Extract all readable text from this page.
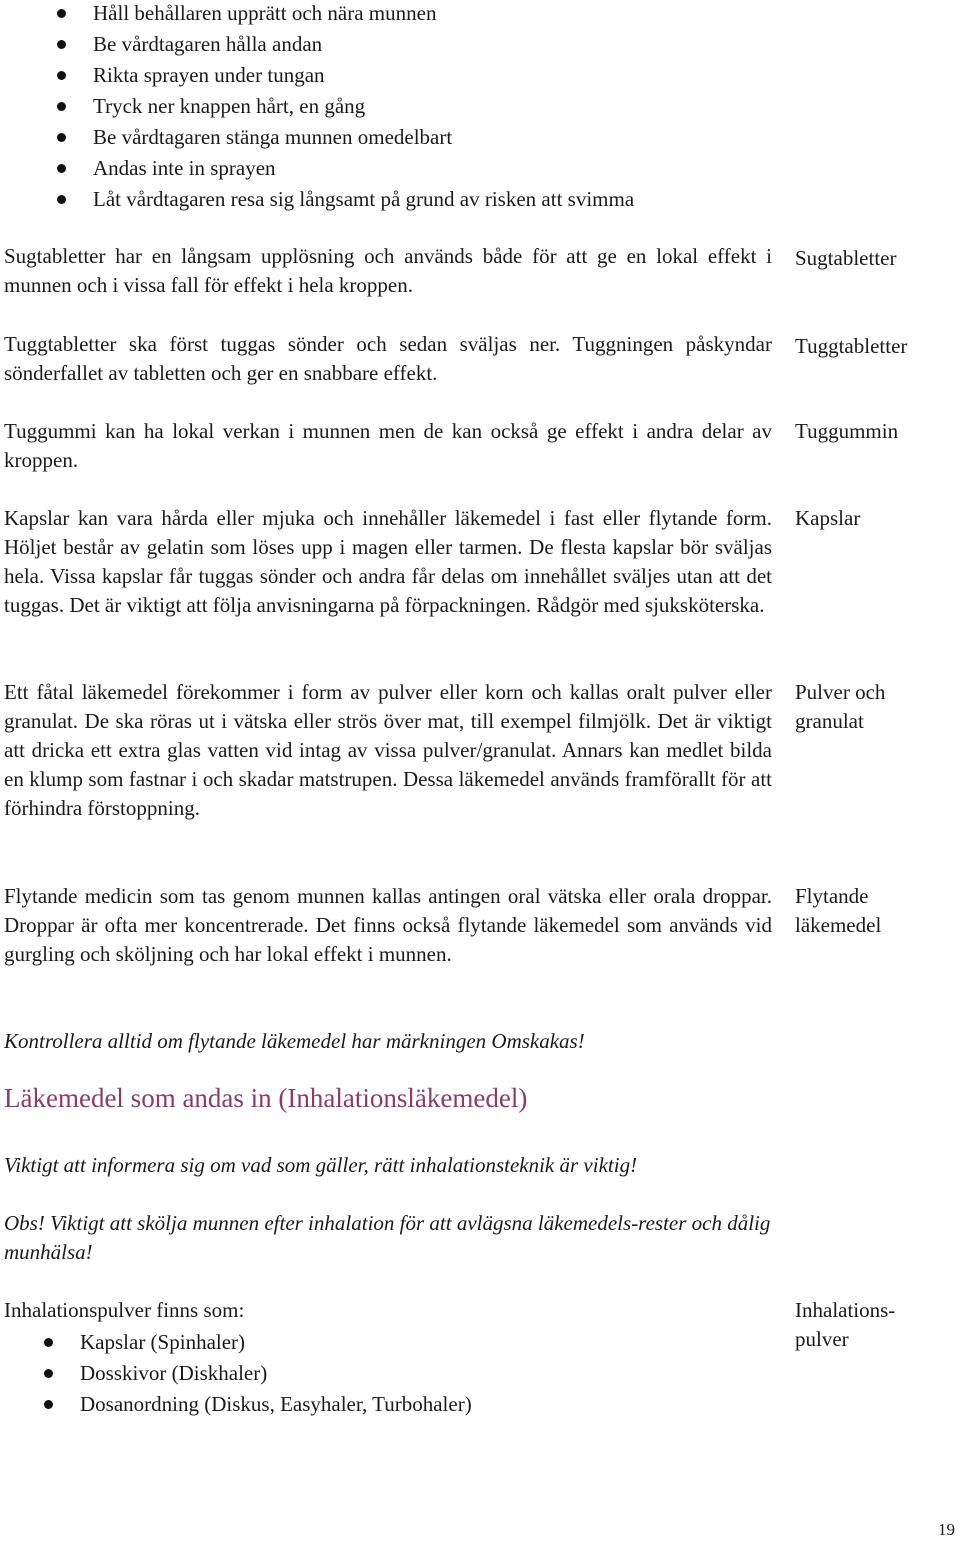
Håll behållaren upprätt och nära munnen
Be vårdtagaren hålla andan
Rikta sprayen under tungan
Tryck ner knappen hårt, en gång
Be vårdtagaren stänga munnen omedelbart
Andas inte in sprayen
Låt vårdtagaren resa sig långsamt på grund av risken att svimma

Sugtabletter har en långsam upplösning och används både för att ge en lokal effekt i munnen och i vissa fall för effekt i hela kroppen.

Sugtabletter

Tuggtabletter ska först tuggas sönder och sedan sväljas ner. Tuggningen påskyndar sönderfallet av tabletten och ger en snabbare effekt.

Tuggtabletter

Tuggummi kan ha lokal verkan i munnen men de kan också ge effekt i andra delar av kroppen.

Tuggummin

Kapslar kan vara hårda eller mjuka och innehåller läkemedel i fast eller flytande form. Höljet består av gelatin som löses upp i magen eller tarmen. De flesta kapslar bör sväljas hela. Vissa kapslar får tuggas sönder och andra får delas om innehållet sväljes utan att det tuggas. Det är viktigt att följa anvisningarna på förpackningen. Rådgör med sjuksköterska.

Kapslar

Ett fåtal läkemedel förekommer i form av pulver eller korn och kallas oralt pulver eller granulat. De ska röras ut i vätska eller strös över mat, till exempel filmjölk. Det är viktigt att dricka ett extra glas vatten vid intag av vissa pulver/granulat. Annars kan medlet bilda en klump som fastnar i och skadar matstrupen. Dessa läkemedel används framförallt för att förhindra förstoppning.

Pulver och
granulat

Flytande medicin som tas genom munnen kallas antingen oral vätska eller orala droppar. Droppar är ofta mer koncentrerade. Det finns också flytande läkemedel som används vid gurgling och sköljning och har lokal effekt i munnen.

Flytande
läkemedel

Kontrollera alltid om flytande läkemedel har märkningen Omskakas!

Läkemedel som andas in (Inhalationsläkemedel)

Viktigt att informera sig om vad som gäller, rätt inhalationsteknik är viktig!

Obs! Viktigt att skölja munnen efter inhalation för att avlägsna läkemedels-rester och dålig munhälsa!

Inhalationspulver finns som:	Inhalations-
pulver
Kapslar (Spinhaler)
Dosskivor (Diskhaler)
Dosanordning (Diskus, Easyhaler, Turbohaler)
19
